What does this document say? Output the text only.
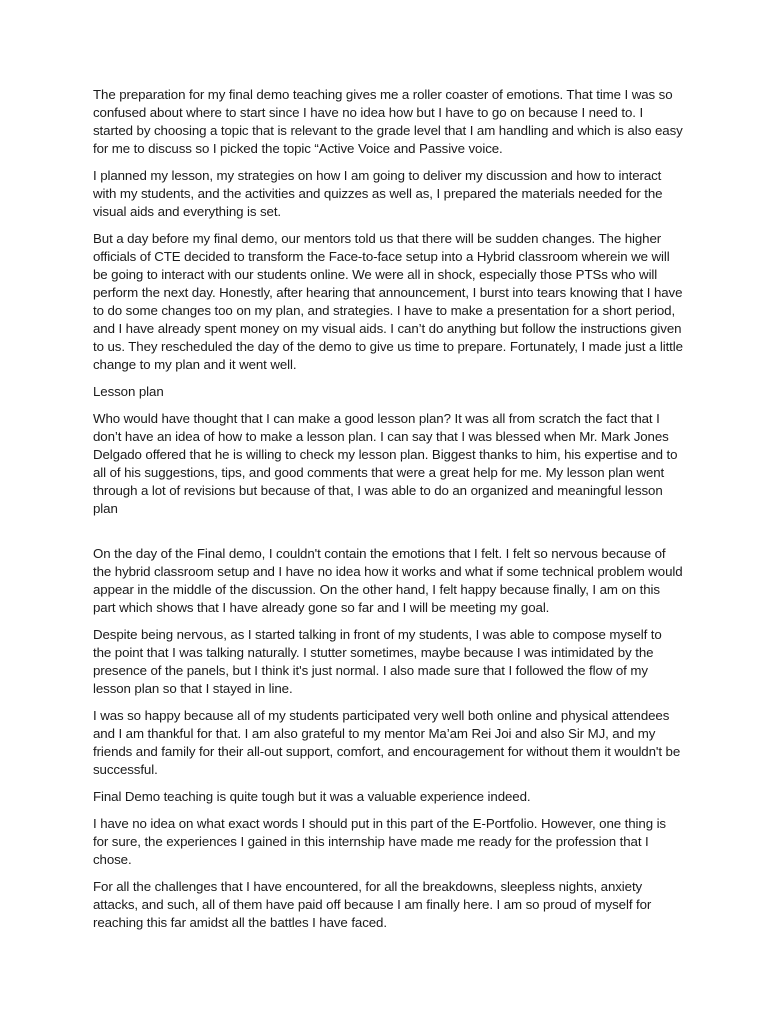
The preparation for my final demo teaching gives me a roller coaster of emotions. That time I was so confused about where to start since I have no idea how but I have to go on because I need to. I started by choosing a topic that is relevant to the grade level that I am handling and which is also easy for me to discuss so I picked the topic “Active Voice and Passive voice.

I planned my lesson, my strategies on how I am going to deliver my discussion and how to interact with my students, and the activities and quizzes as well as, I prepared the materials needed for the visual aids and everything is set.

But a day before my final demo, our mentors told us that there will be sudden changes. The higher officials of CTE decided to transform the Face-to-face setup into a Hybrid classroom wherein we will be going to interact with our students online. We were all in shock, especially those PTSs who will perform the next day. Honestly, after hearing that announcement, I burst into tears knowing that I have to do some changes too on my plan, and strategies. I have to make a presentation for a short period, and I have already spent money on my visual aids. I can’t do anything but follow the instructions given to us. They rescheduled the day of the demo to give us time to prepare. Fortunately, I made just a little change to my plan and it went well.

Lesson plan

Who would have thought that I can make a good lesson plan? It was all from scratch the fact that I don’t have an idea of how to make a lesson plan. I can say that I was blessed when Mr. Mark Jones Delgado offered that he is willing to check my lesson plan. Biggest thanks to him, his expertise and to all of his suggestions, tips, and good comments that were a great help for me. My lesson plan went through a lot of revisions but because of that, I was able to do an organized and meaningful lesson plan

On the day of the Final demo, I couldn't contain the emotions that I felt. I felt so nervous because of the hybrid classroom setup and I have no idea how it works and what if some technical problem would appear in the middle of the discussion. On the other hand, I felt happy because finally, I am on this part which shows that I have already gone so far and I will be meeting my goal.

Despite being nervous, as I started talking in front of my students, I was able to compose myself to the point that I was talking naturally. I stutter sometimes, maybe because I was intimidated by the presence of the panels, but I think it's just normal. I also made sure that I followed the flow of my lesson plan so that I stayed in line.

I was so happy because all of my students participated very well both online and physical attendees and I am thankful for that. I am also grateful to my mentor Ma’am Rei Joi and also Sir MJ, and my friends and family for their all-out support, comfort, and encouragement for without them it wouldn't be successful.

Final Demo teaching is quite tough but it was a valuable experience indeed.

I have no idea on what exact words I should put in this part of the E-Portfolio. However, one thing is for sure, the experiences I gained in this internship have made me ready for the profession that I chose.

For all the challenges that I have encountered, for all the breakdowns, sleepless nights, anxiety attacks, and such, all of them have paid off because I am finally here. I am so proud of myself for reaching this far amidst all the battles I have faced.
